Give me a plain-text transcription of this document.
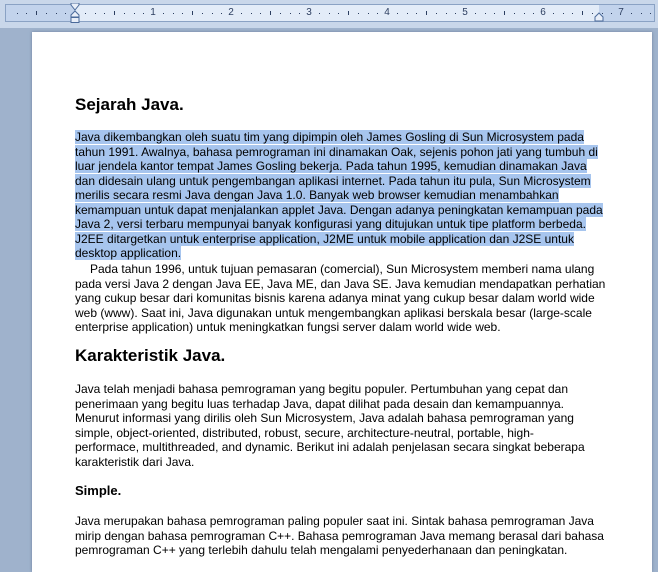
1	2	3	4	5	6	7
Sejarah Java.
Java dikembangkan oleh suatu tim yang dipimpin oleh James Gosling di Sun Microsystem pada
tahun 1991. Awalnya, bahasa pemrograman ini dinamakan Oak, sejenis pohon jati yang tumbuh di
luar jendela kantor tempat James Gosling bekerja. Pada tahun 1995, kemudian dinamakan Java
dan didesain ulang untuk pengembangan aplikasi internet. Pada tahun itu pula, Sun Microsystem
merilis secara resmi Java dengan Java 1.0. Banyak web browser kemudian menambahkan
kemampuan untuk dapat menjalankan applet Java. Dengan adanya peningkatan kemampuan pada
Java 2, versi terbaru mempunyai banyak konfigurasi yang ditujukan untuk tipe platform berbeda.
J2EE ditargetkan untuk enterprise application, J2ME untuk mobile application dan J2SE untuk
desktop application.
Pada tahun 1996, untuk tujuan pemasaran (comercial), Sun Microsystem memberi nama ulang
pada versi Java 2 dengan Java EE, Java ME, dan Java SE. Java kemudian mendapatkan perhatian
yang cukup besar dari komunitas bisnis karena adanya minat yang cukup besar dalam world wide
web (www). Saat ini, Java digunakan untuk mengembangkan aplikasi berskala besar (large-scale
enterprise application) untuk meningkatkan fungsi server dalam world wide web.
Karakteristik Java.
Java telah menjadi bahasa pemrograman yang begitu populer. Pertumbuhan yang cepat dan
penerimaan yang begitu luas terhadap Java, dapat dilihat pada desain dan kemampuannya.
Menurut informasi yang dirilis oleh Sun Microsystem, Java adalah bahasa pemrograman yang
simple, object-oriented, distributed, robust, secure, architecture-neutral, portable, high-
performace, multithreaded, and dynamic. Berikut ini adalah penjelasan secara singkat beberapa
karakteristik dari Java.
Simple.
Java merupakan bahasa pemrograman paling populer saat ini. Sintak bahasa pemrograman Java
mirip dengan bahasa pemrograman C++. Bahasa pemrograman Java memang berasal dari bahasa
pemrograman C++ yang terlebih dahulu telah mengalami penyederhanaan dan peningkatan.
